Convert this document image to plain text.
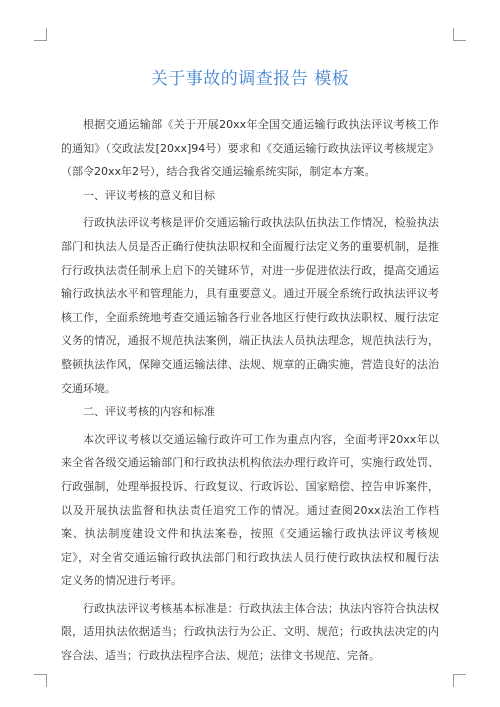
关于事故的调查报告 模板

根据交通运输部《关于开展20xx年全国交通运输行政执法评议考核工作的通知》（交政法发[20xx]94号）要求和《交通运输行政执法评议考核规定》（部令20xx年2号），结合我省交通运输系统实际，制定本方案。

一、评议考核的意义和目标

行政执法评议考核是评价交通运输行政执法队伍执法工作情况，检验执法部门和执法人员是否正确行使执法职权和全面履行法定义务的重要机制，是推行行政执法责任制承上启下的关键环节，对进一步促进依法行政，提高交通运输行政执法水平和管理能力，具有重要意义。通过开展全系统行政执法评议考核工作，全面系统地考查交通运输各行业各地区行使行政执法职权、履行法定义务的情况，通报不规范执法案例，端正执法人员执法理念，规范执法行为，整顿执法作风，保障交通运输法律、法规、规章的正确实施，营造良好的法治交通环境。

二、评议考核的内容和标准

本次评议考核以交通运输行政许可工作为重点内容，全面考评20xx年以来全省各级交通运输部门和行政执法机构依法办理行政许可，实施行政处罚、行政强制，处理举报投诉、行政复议、行政诉讼、国家赔偿、控告申诉案件，以及开展执法监督和执法责任追究工作的情况。通过查阅20xx法治工作档案、执法制度建设文件和执法案卷，按照《交通运输行政执法评议考核规定》，对全省交通运输行政执法部门和行政执法人员行使行政执法权和履行法定义务的情况进行考评。

行政执法评议考核基本标准是：行政执法主体合法；执法内容符合执法权限，适用执法依据适当；行政执法行为公正、文明、规范；行政执法决定的内容合法、适当；行政执法程序合法、规范；法律文书规范、完备。
